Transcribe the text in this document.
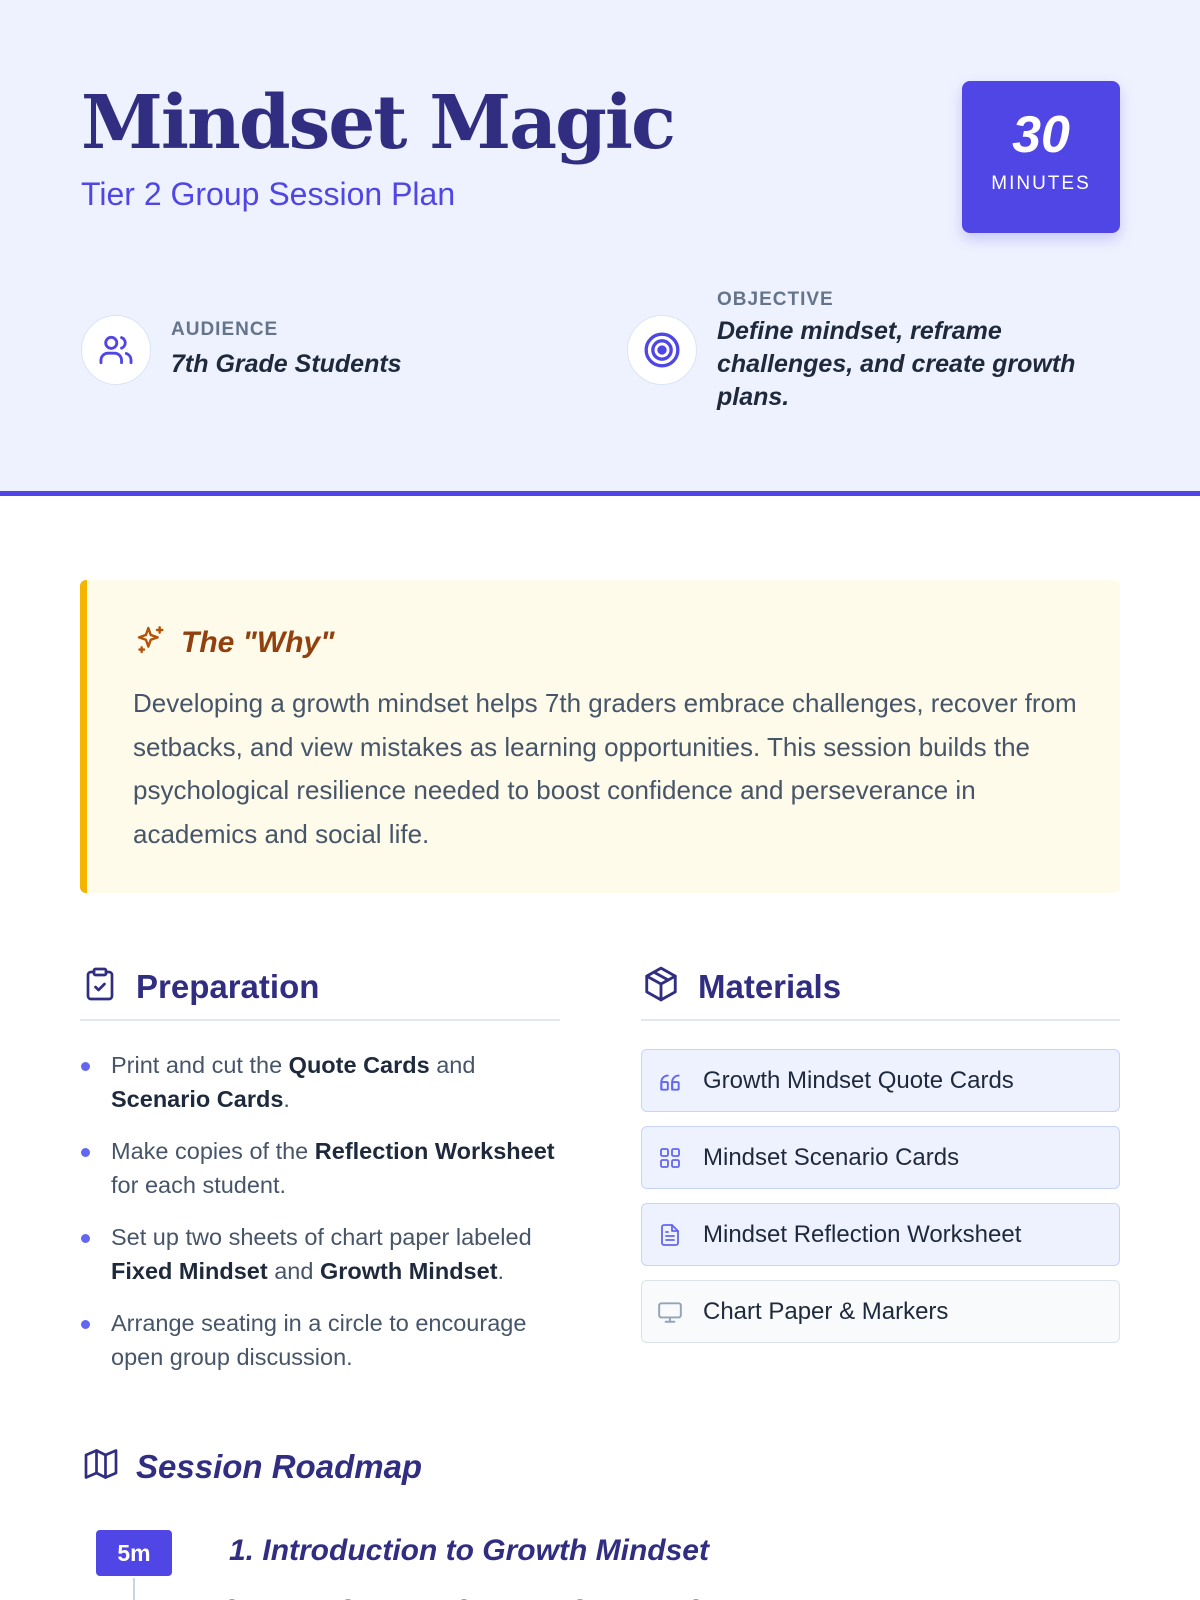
Mindset Magic
Tier 2 Group Session Plan
30
MINUTES
AUDIENCE
7th Grade Students
OBJECTIVE
Define mindset, reframe challenges, and create growth plans.
The "Why"

Developing a growth mindset helps 7th graders embrace challenges, recover from setbacks, and view mistakes as learning opportunities. This session builds the psychological resilience needed to boost confidence and perseverance in academics and social life.

Preparation
Print and cut the Quote Cards and Scenario Cards.
Make copies of the Reflection Worksheet for each student.
Set up two sheets of chart paper labeled Fixed Mindset and Growth Mindset.
Arrange seating in a circle to encourage open group discussion.
Materials
Growth Mindset Quote Cards
Mindset Scenario Cards
Mindset Reflection Worksheet
Chart Paper & Markers
Session Roadmap
5m	1. Introduction to Growth Mindset
